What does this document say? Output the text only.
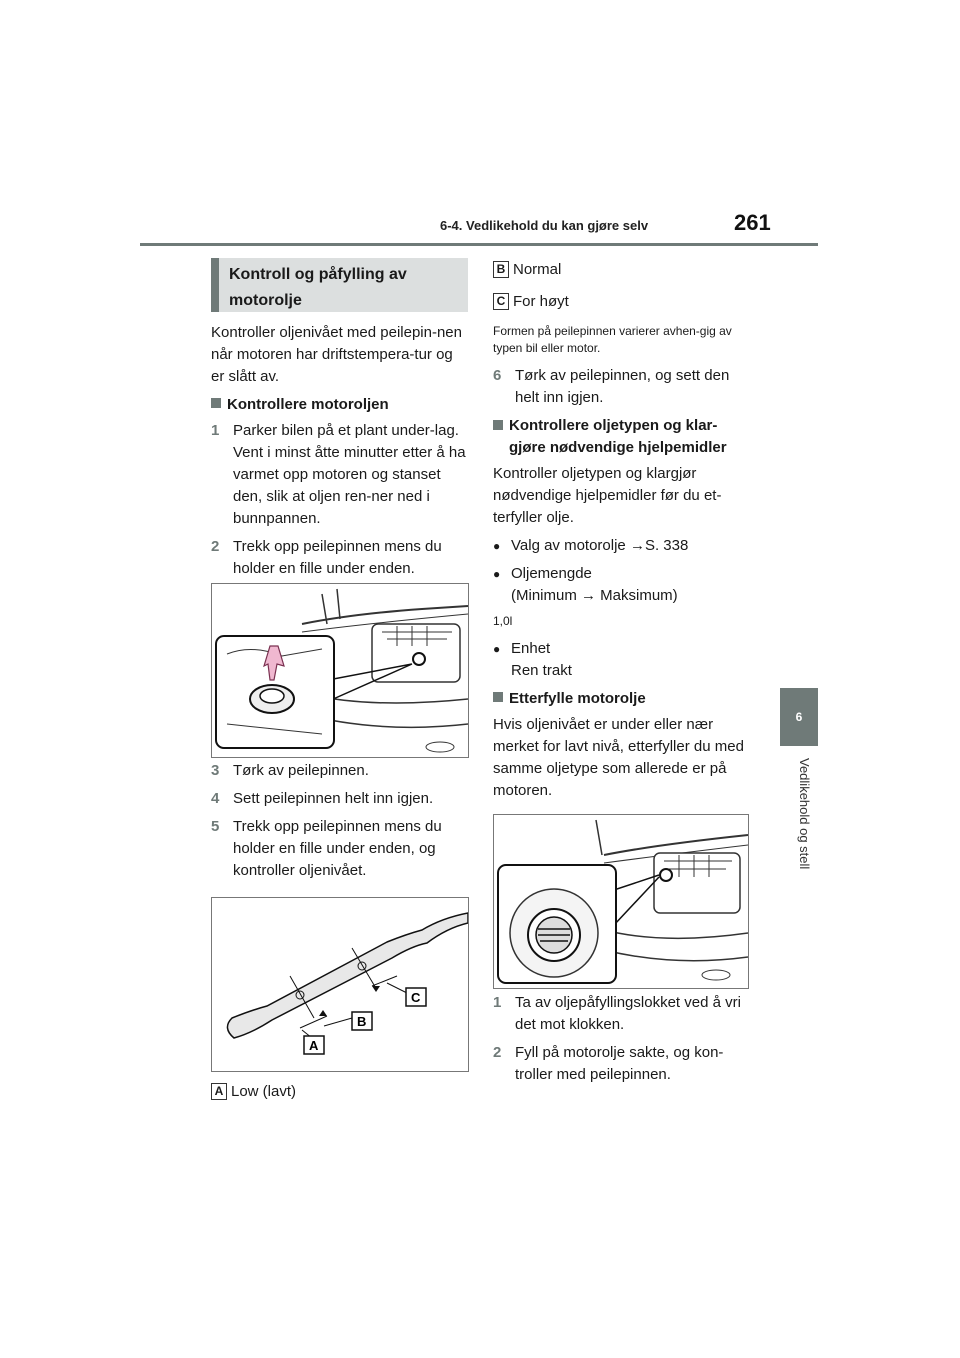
6-4. Vedlikehold du kan gjøre selv	261
6
Vedlikehold og stell
Kontroll og påfylling av motorolje

Kontroller oljenivået med peilepin-nen når motoren har driftstempera-tur og er slått av.

Kontrollere motoroljen
1 Parker bilen på et plant under-lag. Vent i minst åtte minutter etter å ha varmet opp motoren og stanset den, slik at oljen ren-ner ned i bunnpannen.
2 Trekk opp peilepinnen mens du holder en fille under enden.
3 Tørk av peilepinnen.
4 Sett peilepinnen helt inn igjen.
5 Trekk opp peilepinnen mens du holder en fille under enden, og kontroller oljenivået.
C
B
A
A Low (lavt)

B Normal

C For høyt

Formen på peilepinnen varierer avhen-gig av typen bil eller motor.

6 Tørk av peilepinnen, og sett den helt inn igjen.
Kontrollere oljetypen og klar-gjøre nødvendige hjelpemidler

Kontroller oljetypen og klargjør nødvendige hjelpemidler før du et-terfyller olje.

● Valg av motorolje →S. 338
● Oljemengde
(Minimum → Maksimum)

1,0l

● Enhet
Ren trakt
Etterfylle motorolje

Hvis oljenivået er under eller nær merket for lavt nivå, etterfyller du med samme oljetype som allerede er på motoren.

1 Ta av oljepåfyllingslokket ved å vri det mot klokken.
2 Fyll på motorolje sakte, og kon-troller med peilepinnen.
